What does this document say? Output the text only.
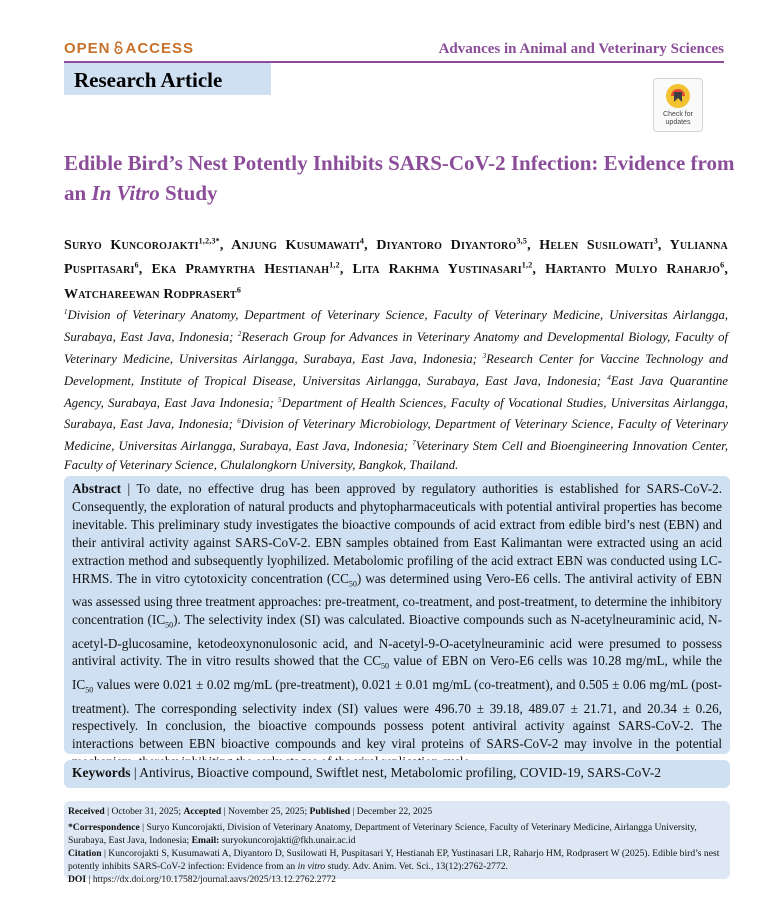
OPEN ACCESS	Advances in Animal and Veterinary Sciences
Research Article
Check for
updates
Edible Bird’s Nest Potently Inhibits SARS-CoV-2 Infection: Evidence from an In Vitro Study
Suryo Kuncorojakti$^{1,2,3*}$, Anjung Kusumawati$^4$, Diyantoro Diyantoro$^{3,5}$, Helen Susilowati$^3$, Yulianna Puspitasari$^6$, Eka Pramyrtha Hestianah$^{1,2}$, Lita Rakhma Yustinasari$^{1,2}$, Hartanto Mulyo Raharjo$^6$, Watchareewan Rodprasert$^6$
$^1$Division of Veterinary Anatomy, Department of Veterinary Science, Faculty of Veterinary Medicine, Universitas Airlangga, Surabaya, East Java, Indonesia; $^2$Reserach Group for Advances in Veterinary Anatomy and Developmental Biology, Faculty of Veterinary Medicine, Universitas Airlangga, Surabaya, East Java, Indonesia; $^3$Research Center for Vaccine Technology and Development, Institute of Tropical Disease, Universitas Airlangga, Surabaya, East Java, Indonesia; $^4$East Java Quarantine Agency, Surabaya, East Java Indonesia; $^5$Department of Health Sciences, Faculty of Vocational Studies, Universitas Airlangga, Surabaya, East Java, Indonesia; $^6$Division of Veterinary Microbiology, Department of Veterinary Science, Faculty of Veterinary Medicine, Universitas Airlangga, Surabaya, East Java, Indonesia; $^7$Veterinary Stem Cell and Bioengineering Innovation Center, Faculty of Veterinary Science, Chulalongkorn University, Bangkok, Thailand.
Abstract | To date, no effective drug has been approved by regulatory authorities is established for SARS-CoV-2. Consequently, the exploration of natural products and phytopharmaceuticals with potential antiviral properties has become inevitable. This preliminary study investigates the bioactive compounds of acid extract from edible bird’s nest (EBN) and their antiviral activity against SARS-CoV-2. EBN samples obtained from East Kalimantan were extracted using an acid extraction method and subsequently lyophilized. Metabolomic profiling of the acid extract EBN was conducted using LC-HRMS. The in vitro cytotoxicity concentration $(CC_{50})$ was determined using Vero-E6 cells. The antiviral activity of EBN was assessed using three treatment approaches: pre-treatment, co-treatment, and post-treatment, to determine the inhibitory concentration $(IC_{50})$. The selectivity index (SI) was calculated. Bioactive compounds such as N-acetylneuraminic acid, N-acetyl-D-glucosamine, ketodeoxynonulosonic acid, and N-acetyl-9-O-acetylneuraminic acid were presumed to possess antiviral activity. The in vitro results showed that the $CC_{50}$ value of EBN on Vero-E6 cells was 10.28 mg/mL, while the $IC_{50}$ values were 0.021 ± 0.02 mg/mL (pre-treatment), 0.021 ± 0.01 mg/mL (co-treatment), and 0.505 ± 0.06 mg/mL (post-treatment). The corresponding selectivity index (SI) values were 496.70 ± 39.18, 489.07 ± 21.71, and 20.34 ± 0.26, respectively. In conclusion, the bioactive compounds possess potent antiviral activity against SARS-CoV-2. The interactions between EBN bioactive compounds and key viral proteins of SARS-CoV-2 may involve in the potential
Keywords | Antivirus, Bioactive compound, Swiftlet nest, Metabolomic profiling, COVID-19, SARS-CoV-2
Received | October 31, 2025; Accepted | November 25, 2025; Published | December 22, 2025
*Correspondence | Suryo Kuncorojakti, Division of Veterinary Anatomy, Department of Veterinary Science, Faculty of Veterinary Medicine, Airlangga University, Surabaya, East Java, Indonesia; Email: suryokuncorojakti@fkh.unair.ac.id
Citation | Kuncorojakti S, Kusumawati A, Diyantoro D, Susilowati H, Puspitasari Y, Hestianah EP, Yustinasari LR, Raharjo HM, Rodprasert W (2025). Edible bird’s nest potently inhibits SARS-CoV-2 infection: Evidence from an in vitro study. Adv. Anim. Vet. Sci., 13(12):2762-2772.
DOI | https://dx.doi.org/10.17582/journal.aavs/2025/13.12.2762.2772
